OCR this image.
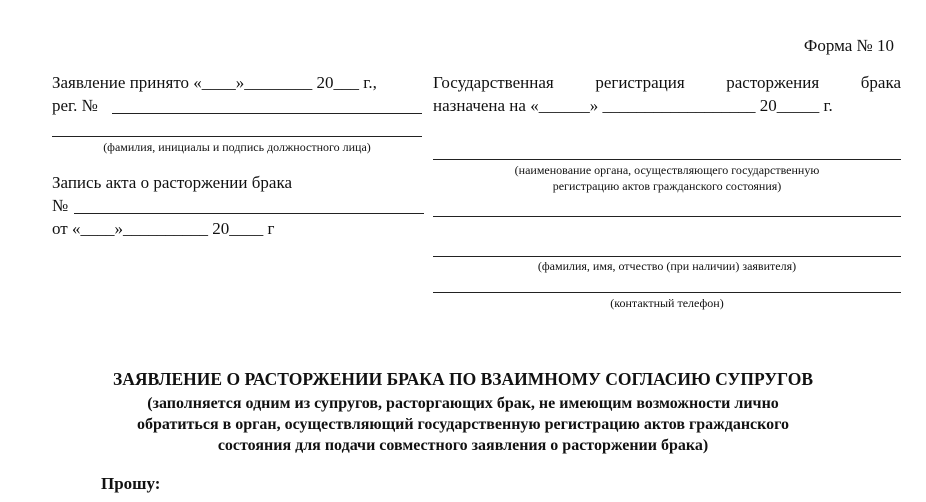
Форма № 10
Заявление принято «____»________ 20___ г.,
рег. №
(фамилия, инициалы и подпись должностного лица)
Запись акта о расторжении брака
№
от «____»__________ 20____ г
Государственная регистрация расторжения брака
назначена на «______» __________________ 20_____ г.
(наименование органа, осуществляющего государственную
регистрацию актов гражданского состояния)
(фамилия, имя, отчество (при наличии) заявителя)
(контактный телефон)
ЗАЯВЛЕНИЕ О РАСТОРЖЕНИИ БРАКА ПО ВЗАИМНОМУ СОГЛАСИЮ СУПРУГОВ
(заполняется одним из супругов, расторгающих брак, не имеющим возможности лично
обратиться в орган, осуществляющий государственную регистрацию актов гражданского
состояния для подачи совместного заявления о расторжении брака)
Прошу:
